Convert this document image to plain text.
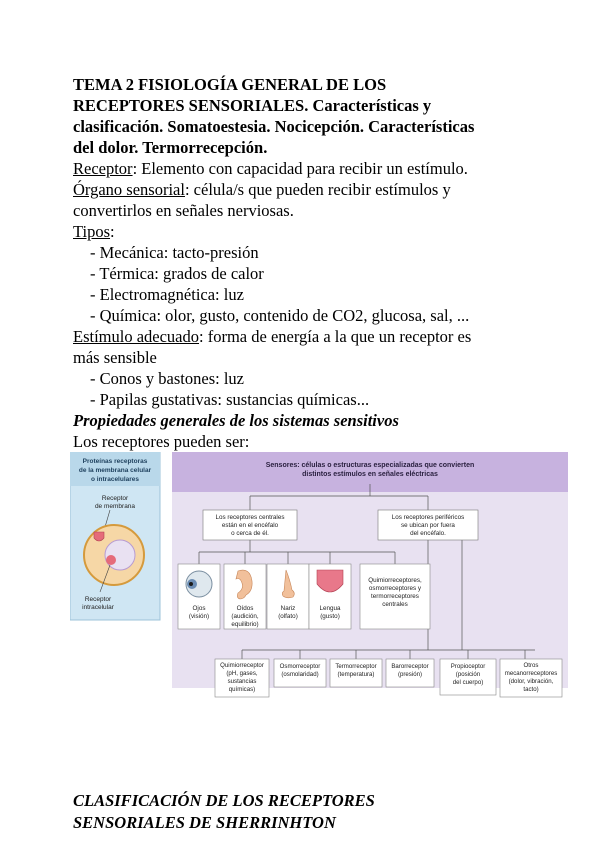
TEMA 2 FISIOLOGÍA GENERAL DE LOS

RECEPTORES SENSORIALES. Características y

clasificación. Somatoestesia. Nocicepción. Características

del dolor. Termorrecepción.

Receptor: Elemento con capacidad para recibir un estímulo.

Órgano sensorial: célula/s que pueden recibir estímulos y

convertirlos en señales nerviosas.

Tipos:

- Mecánica: tacto-presión
- Térmica: grados de calor
- Electromagnética: luz
- Química: olor, gusto, contenido de CO2, glucosa, sal, ...

Estímulo adecuado: forma de energía a la que un receptor es

más sensible

- Conos y bastones: luz
- Papilas gustativas: sustancias químicas...

Propiedades generales de los sistemas sensitivos

Los receptores pueden ser:

Proteínas receptoras
de la membrana celular
o intracelulares
Receptor
de membrana
Receptor
intracelular
Sensores: células o estructuras especializadas que convierten
distintos estímulos en señales eléctricas
Los receptores centrales
están en el encéfalo
o cerca de él.
Los receptores periféricos
se ubican por fuera
del encéfalo.
Ojos
(visión)
Oídos
(audición,
equilibrio)
Nariz
(olfato)
Lengua
(gusto)
Quimiorreceptores,
osmorreceptores y
termorreceptores
centrales
Quimiorreceptor
(pH, gases,
sustancias
químicas)
Osmorreceptor
(osmolaridad)
Termorreceptor
(temperatura)
Barorreceptor
(presión)
Propioceptor
(posición
del cuerpo)
Otros
mecanorreceptores
(dolor, vibración,
tacto)
CLASIFICACIÓN DE LOS RECEPTORES
SENSORIALES DE SHERRINHTON
